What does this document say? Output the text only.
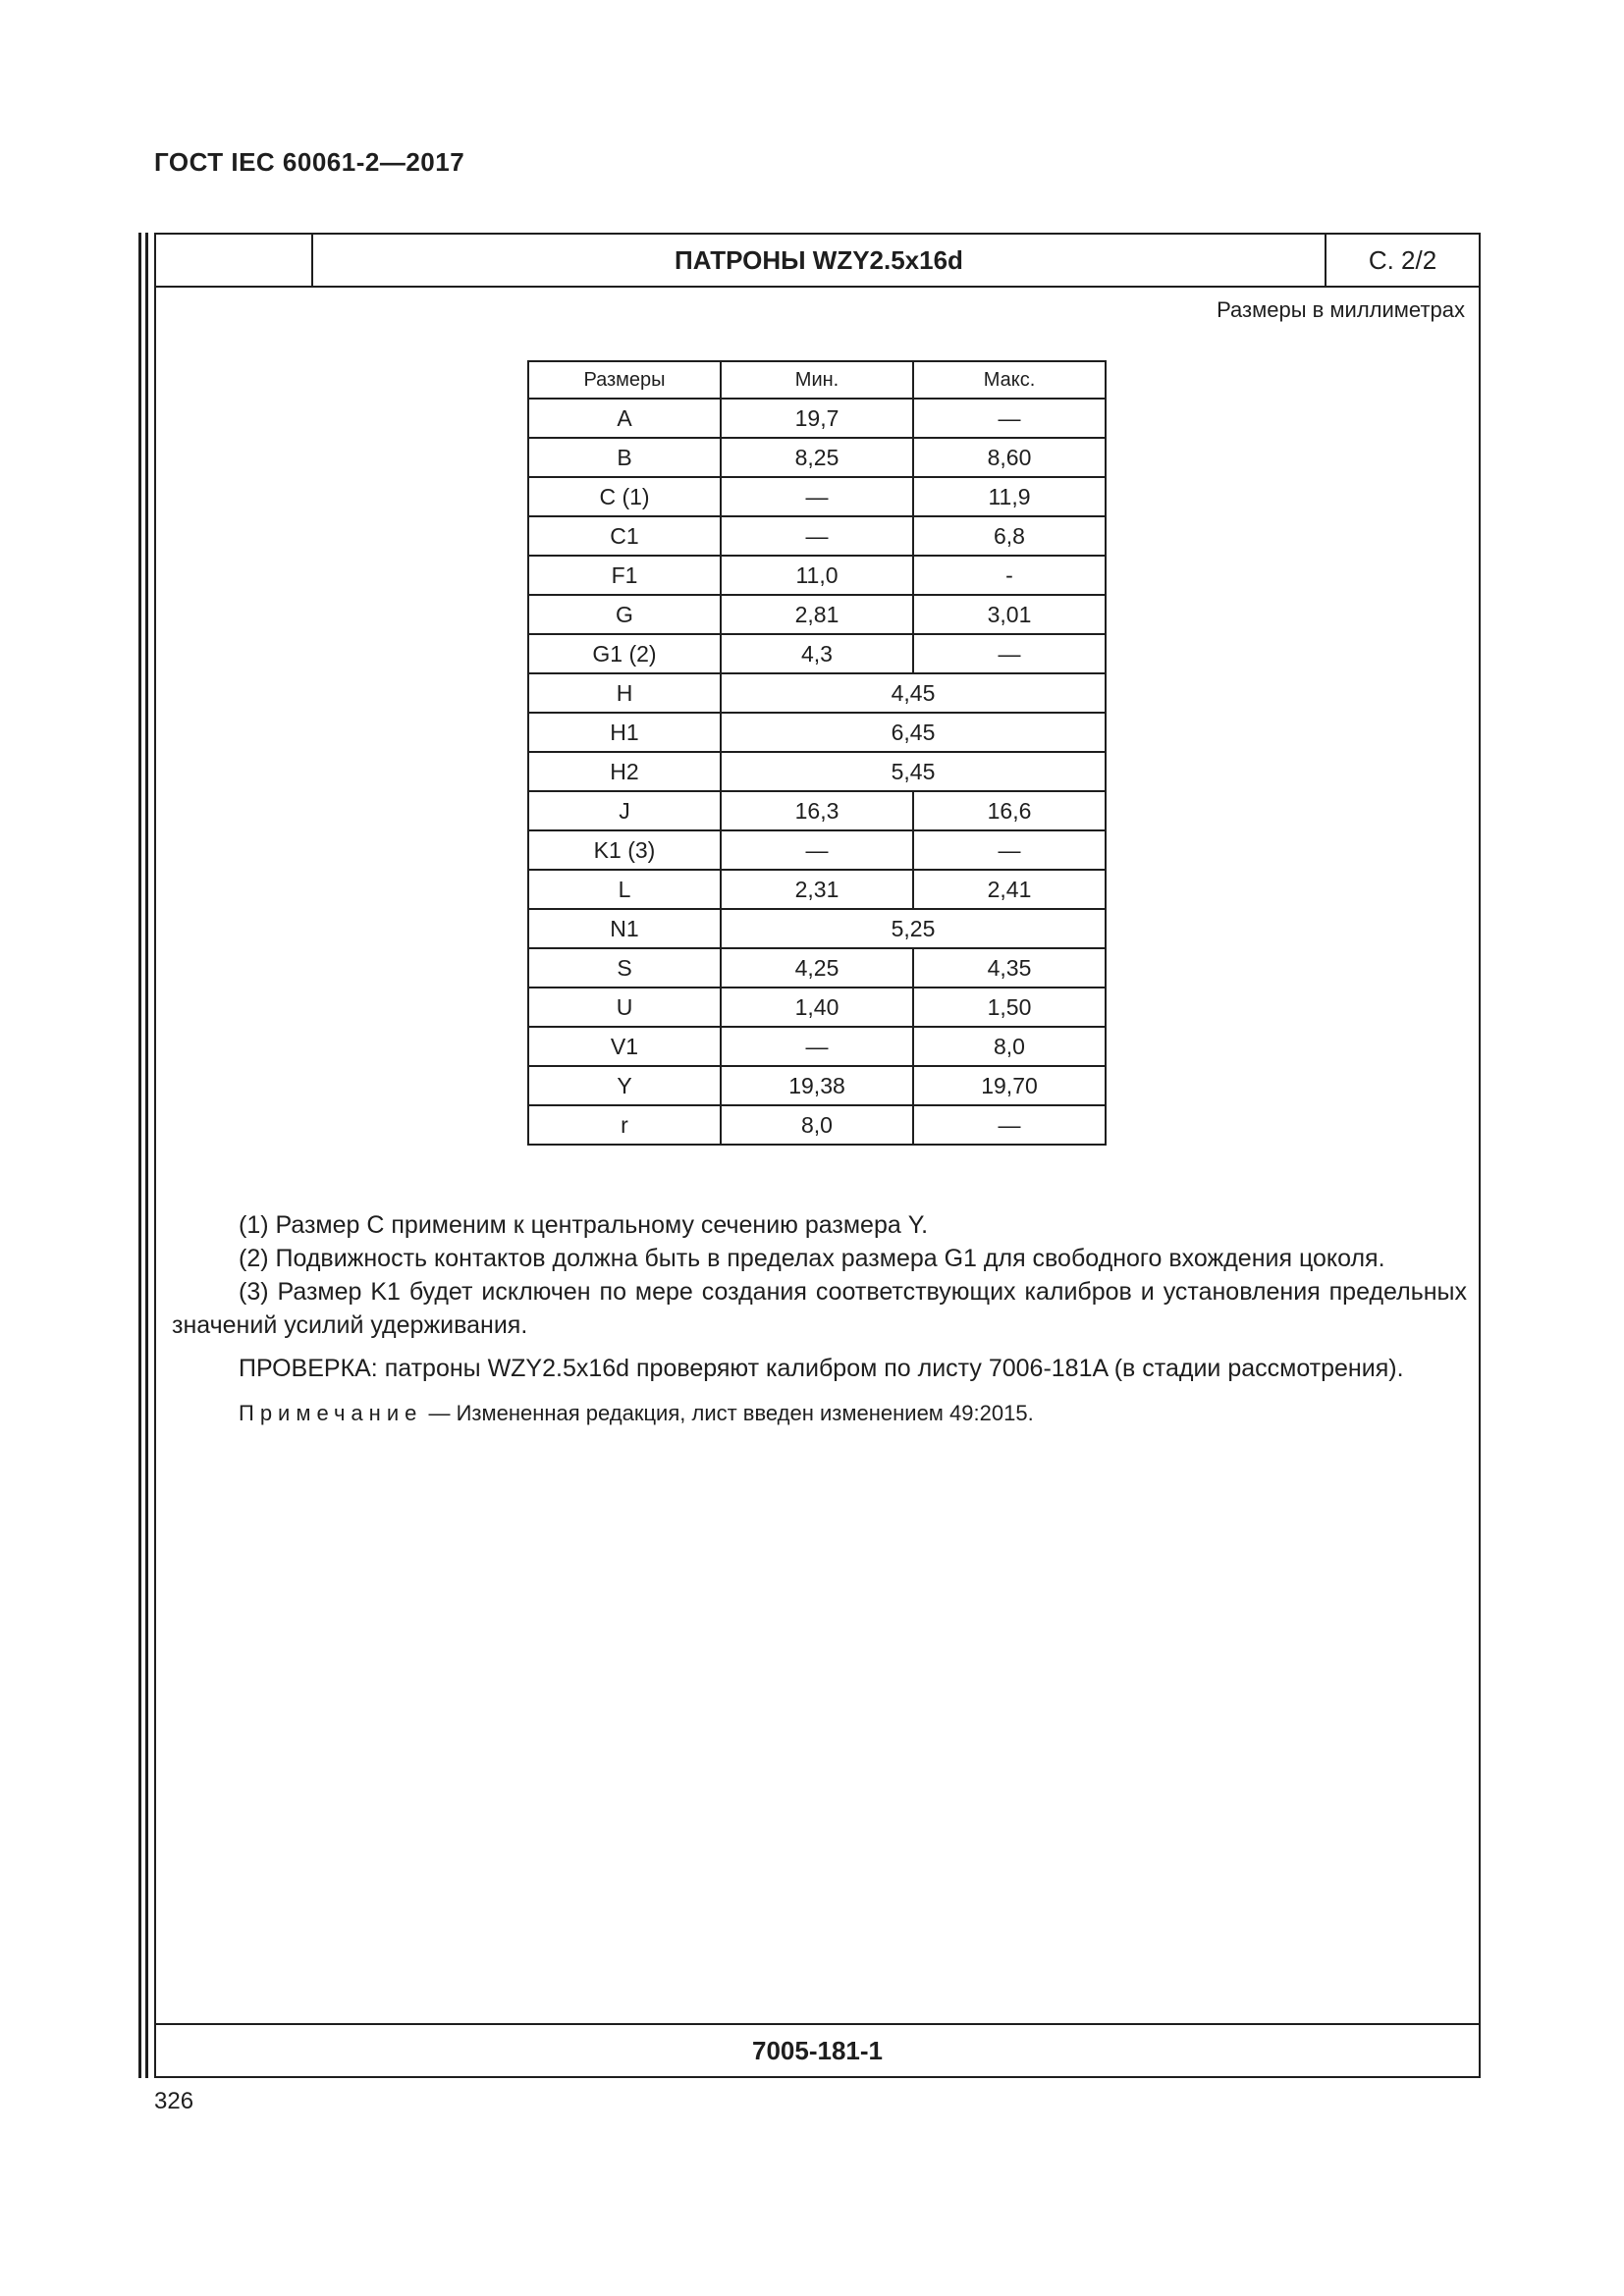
ГОСТ IEC 60061-2—2017
ПАТРОНЫ WZY2.5x16d	С. 2/2
Размеры в миллиметрах
Размеры	Мин.	Макс.
A	19,7	—
B	8,25	8,60
C (1)	—	11,9
C1	—	6,8
F1	11,0	-
G	2,81	3,01
G1 (2)	4,3	—
H	4,45	
H1	6,45	
H2	5,45	
J	16,3	16,6
K1 (3)	—	—
L	2,31	2,41
N1	5,25	
S	4,25	4,35
U	1,40	1,50
V1	—	8,0
Y	19,38	19,70
r	8,0	—

(1) Размер C применим к центральному сечению размера Y.

(2) Подвижность контактов должна быть в пределах размера G1 для свободного вхождения цоколя.

(3) Размер K1 будет исключен по мере создания соответствующих калибров и установления предельных значений усилий удерживания.

ПРОВЕРКА: патроны WZY2.5x16d проверяют калибром по листу 7006-181A (в стадии рассмотрения).

Примечание — Измененная редакция, лист введен изменением 49:2015.

7005-181-1
326
